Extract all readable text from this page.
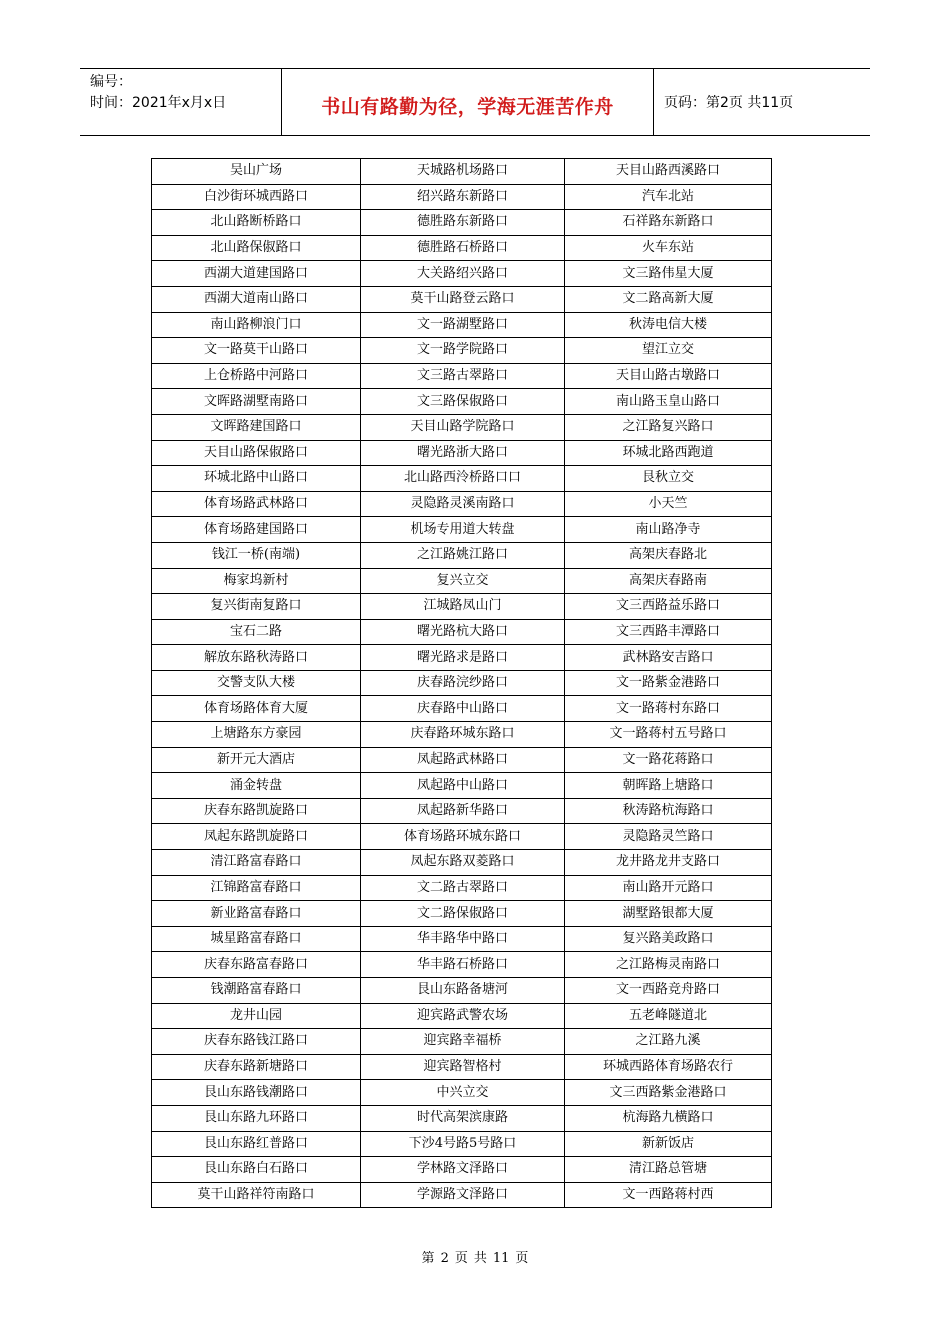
编号：
时间：2021年x月x日	书山有路勤为径，学海无涯苦作舟	页码：第2页 共11页
吴山广场	天城路机场路口	天目山路西溪路口
白沙街环城西路口	绍兴路东新路口	汽车北站
北山路断桥路口	德胜路东新路口	石祥路东新路口
北山路保俶路口	德胜路石桥路口	火车东站
西湖大道建国路口	大关路绍兴路口	文三路伟星大厦
西湖大道南山路口	莫干山路登云路口	文二路高新大厦
南山路柳浪门口	文一路湖墅路口	秋涛电信大楼
文一路莫干山路口	文一路学院路口	望江立交
上仓桥路中河路口	文三路古翠路口	天目山路古墩路口
文晖路湖墅南路口	文三路保俶路口	南山路玉皇山路口
文晖路建国路口	天目山路学院路口	之江路复兴路口
天目山路保俶路口	曙光路浙大路口	环城北路西跑道
环城北路中山路口	北山路西泠桥路口口	艮秋立交
体育场路武林路口	灵隐路灵溪南路口	小天竺
体育场路建国路口	机场专用道大转盘	南山路净寺
钱江一桥(南端)	之江路姚江路口	高架庆春路北
梅家坞新村	复兴立交	高架庆春路南
复兴街南复路口	江城路凤山门	文三西路益乐路口
宝石二路	曙光路杭大路口	文三西路丰潭路口
解放东路秋涛路口	曙光路求是路口	武林路安吉路口
交警支队大楼	庆春路浣纱路口	文一路紫金港路口
体育场路体育大厦	庆春路中山路口	文一路蒋村东路口
上塘路东方豪园	庆春路环城东路口	文一路蒋村五号路口
新开元大酒店	凤起路武林路口	文一路花蒋路口
涌金转盘	凤起路中山路口	朝晖路上塘路口
庆春东路凯旋路口	凤起路新华路口	秋涛路杭海路口
凤起东路凯旋路口	体育场路环城东路口	灵隐路灵竺路口
清江路富春路口	凤起东路双菱路口	龙井路龙井支路口
江锦路富春路口	文二路古翠路口	南山路开元路口
新业路富春路口	文二路保俶路口	湖墅路银都大厦
城星路富春路口	华丰路华中路口	复兴路美政路口
庆春东路富春路口	华丰路石桥路口	之江路梅灵南路口
钱潮路富春路口	艮山东路备塘河	文一西路竞舟路口
龙井山园	迎宾路武警农场	五老峰隧道北
庆春东路钱江路口	迎宾路幸福桥	之江路九溪
庆春东路新塘路口	迎宾路智格村	环城西路体育场路农行
艮山东路钱潮路口	中兴立交	文三西路紫金港路口
艮山东路九环路口	时代高架滨康路	杭海路九横路口
艮山东路红普路口	下沙4号路5号路口	新新饭店
艮山东路白石路口	学林路文泽路口	清江路总管塘
莫干山路祥符南路口	学源路文泽路口	文一西路蒋村西
第 2 页 共 11 页
